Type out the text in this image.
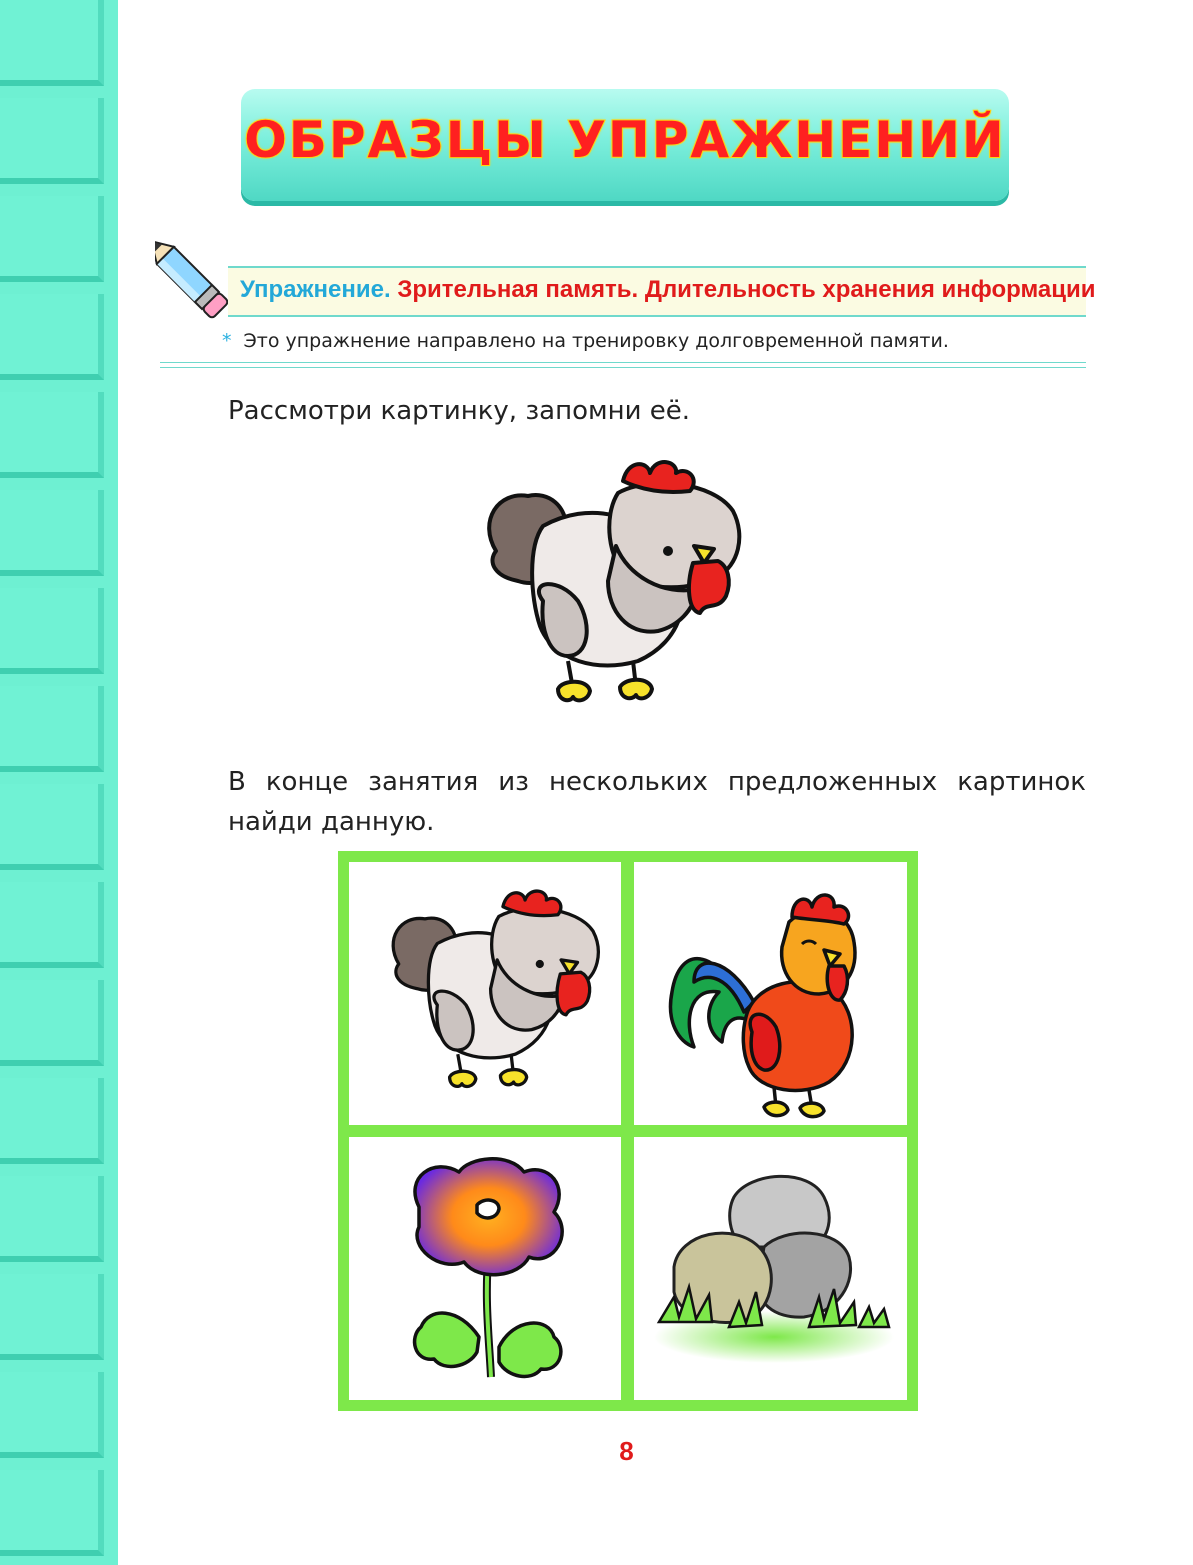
ОБРАЗЦЫ УПРАЖНЕНИЙ
Упражнение. Зрительная память. Длительность хранения информации
* Это упражнение направлено на тренировку долговременной памяти.
Рассмотри картинку, запомни её.
В конце занятия из нескольких предложенных картинок найди данную.
8
